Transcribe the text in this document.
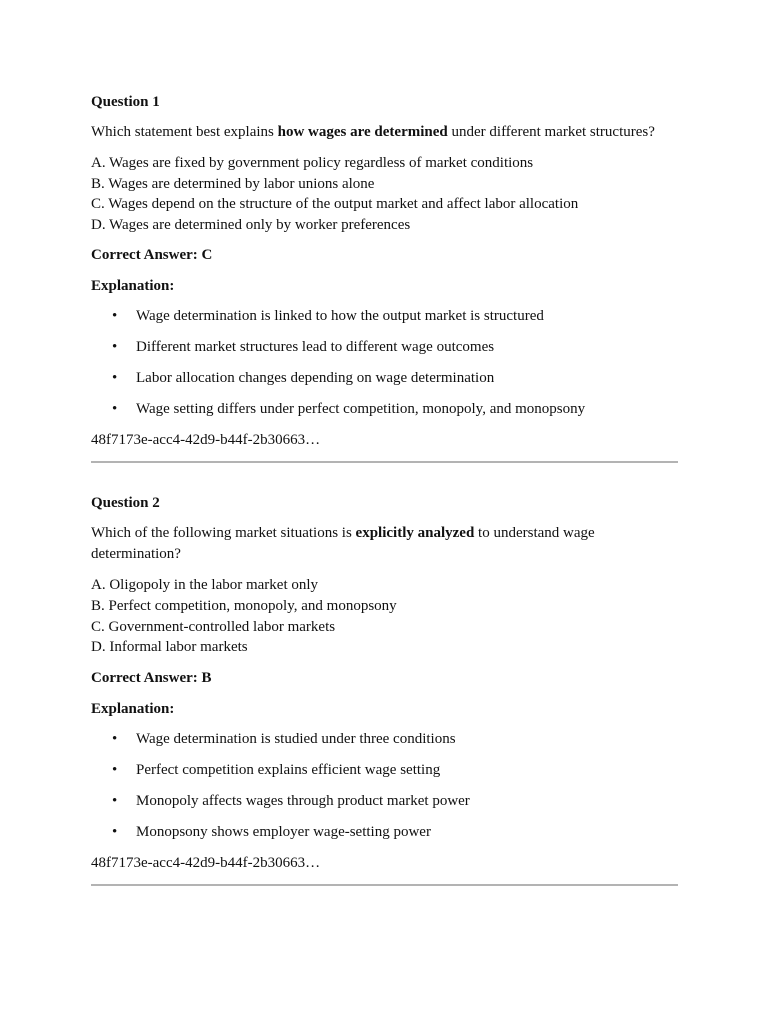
Question 1
Which statement best explains how wages are determined under different market structures?
A. Wages are fixed by government policy regardless of market conditions
B. Wages are determined by labor unions alone
C. Wages depend on the structure of the output market and affect labor allocation
D. Wages are determined only by worker preferences
Correct Answer: C
Explanation:
• Wage determination is linked to how the output market is structured
• Different market structures lead to different wage outcomes
• Labor allocation changes depending on wage determination
• Wage setting differs under perfect competition, monopoly, and monopsony
48f7173e-acc4-42d9-b44f-2b30663…
Question 2
Which of the following market situations is explicitly analyzed to understand wage determination?
A. Oligopoly in the labor market only
B. Perfect competition, monopoly, and monopsony
C. Government-controlled labor markets
D. Informal labor markets
Correct Answer: B
Explanation:
• Wage determination is studied under three conditions
• Perfect competition explains efficient wage setting
• Monopoly affects wages through product market power
• Monopsony shows employer wage-setting power
48f7173e-acc4-42d9-b44f-2b30663…
